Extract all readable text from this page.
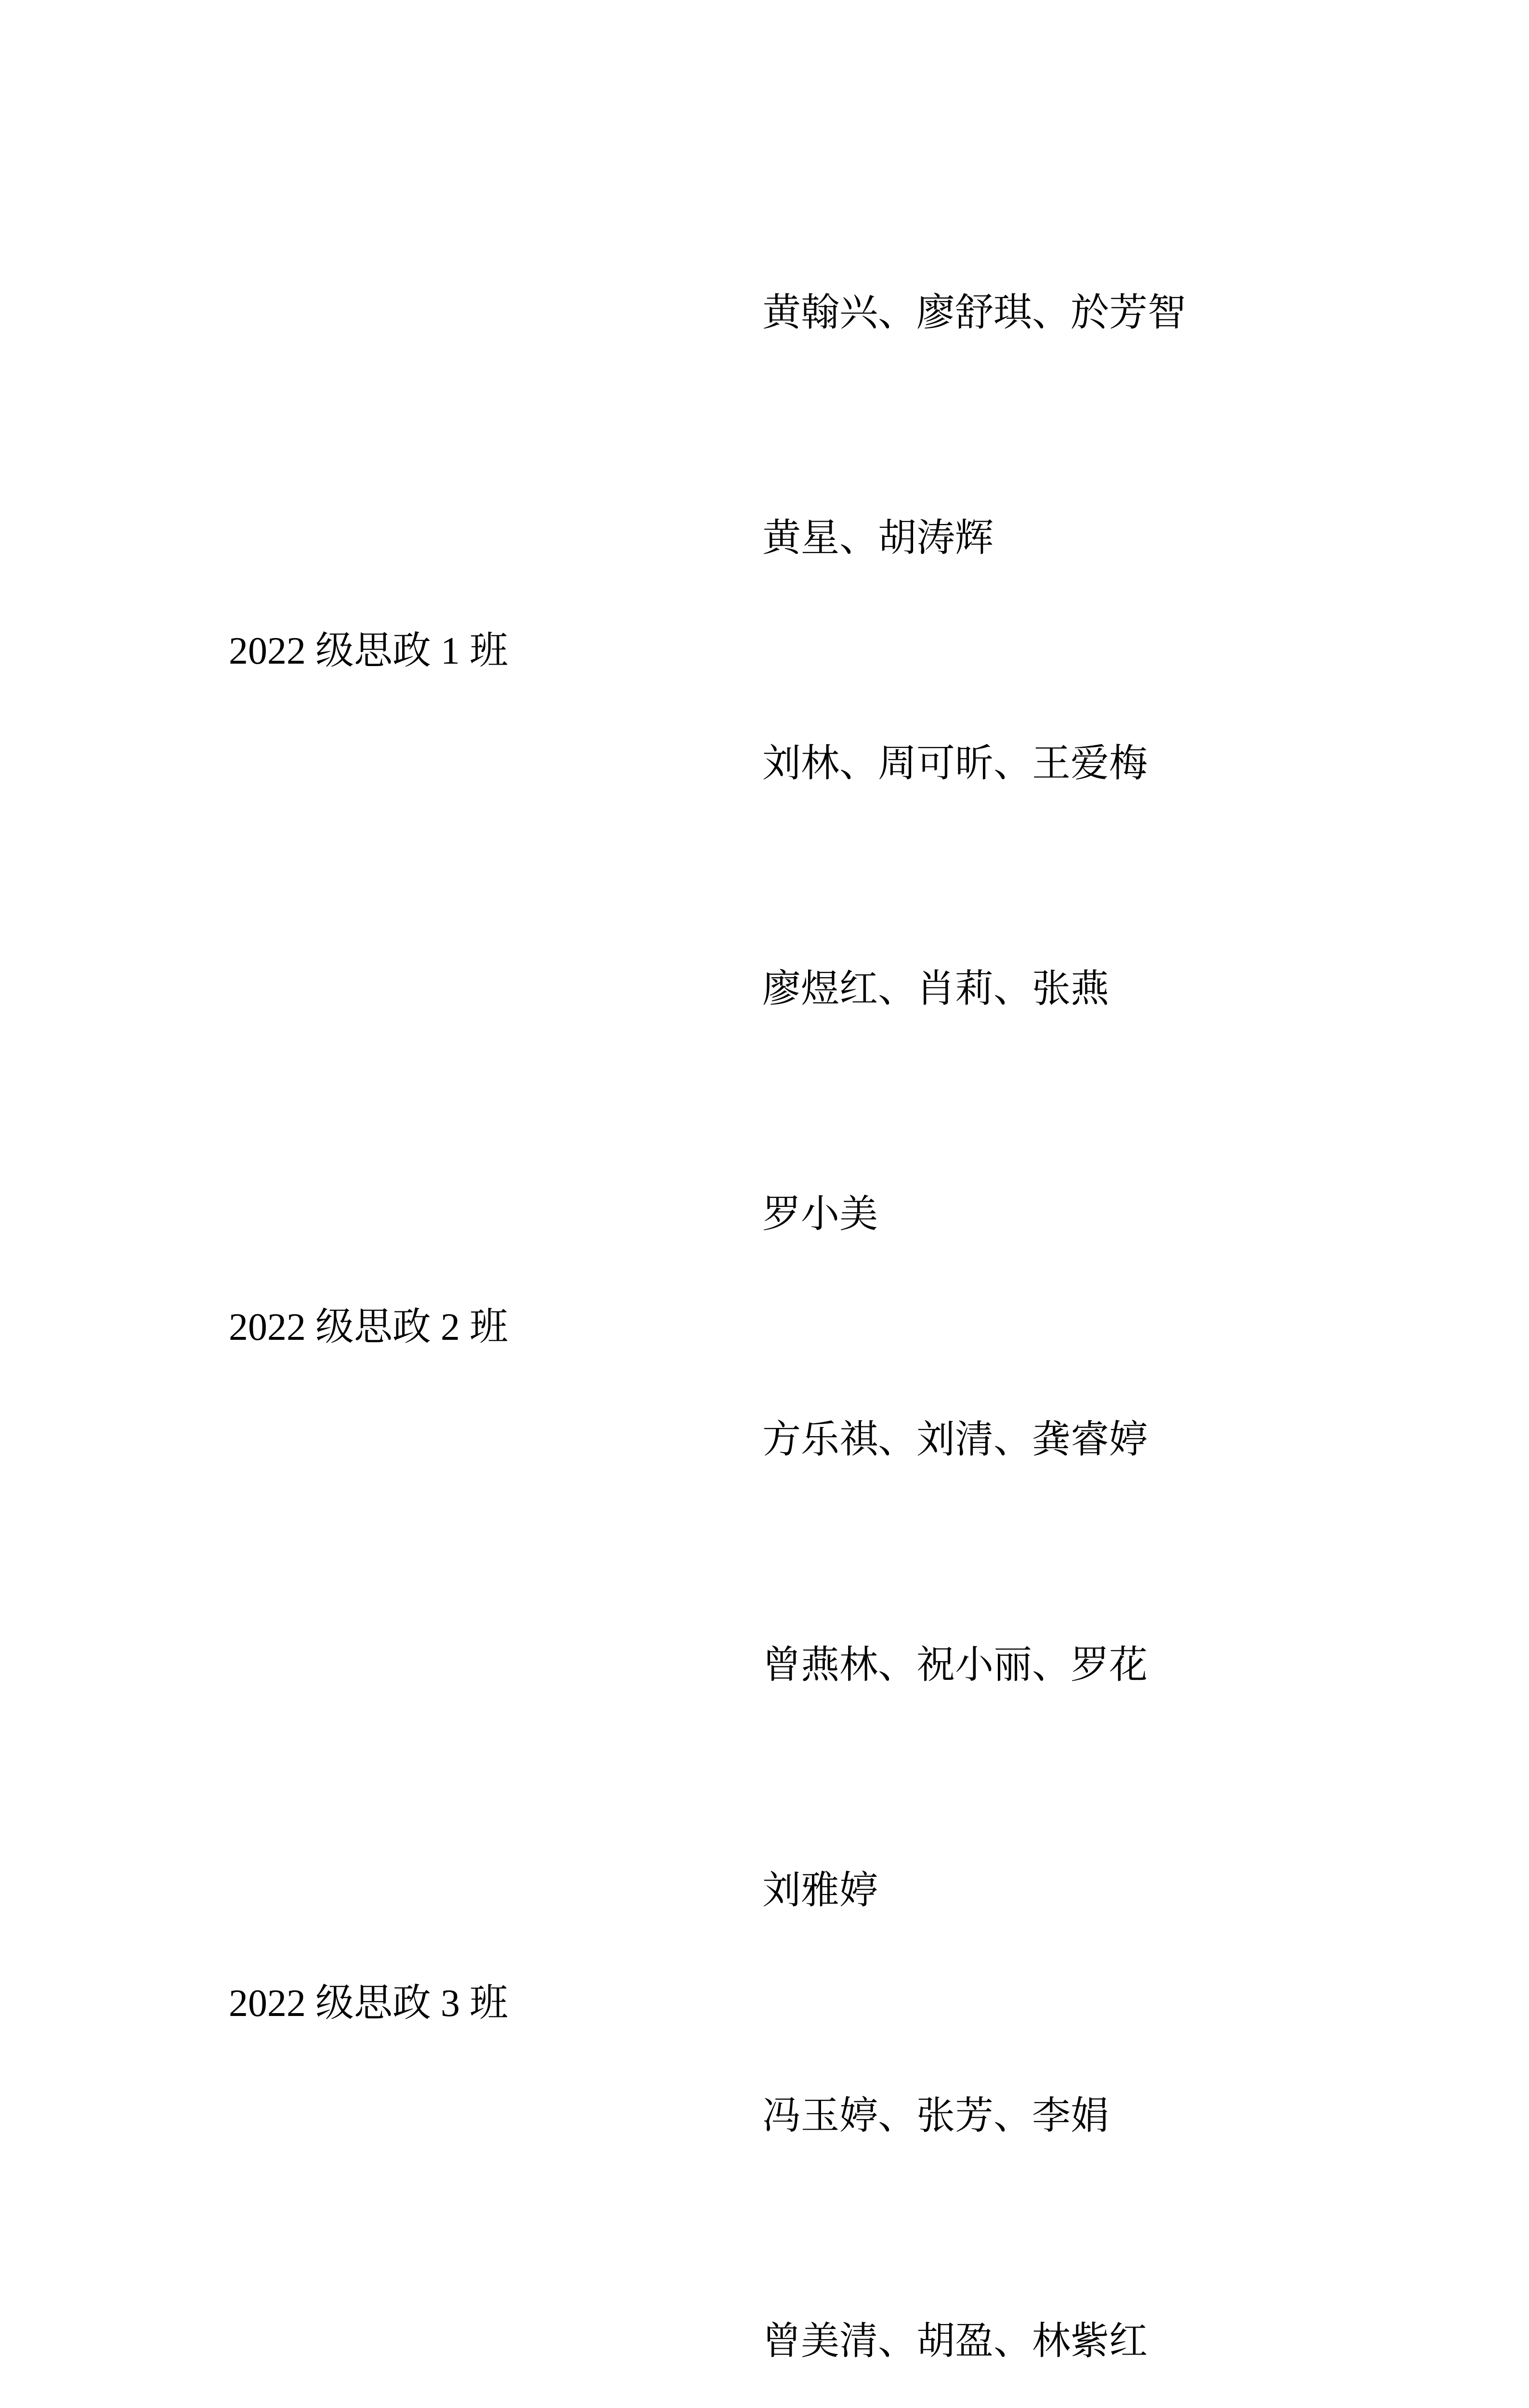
黄翰兴、廖舒琪、於芳智

黄星、胡涛辉

2022 级思政 1 班

刘林、周可昕、王爱梅

廖煜红、肖莉、张燕

罗小美

2022 级思政 2 班

方乐祺、刘清、龚睿婷

曾燕林、祝小丽、罗花

刘雅婷

2022 级思政 3 班

冯玉婷、张芳、李娟

曾美清、胡盈、林紫红
